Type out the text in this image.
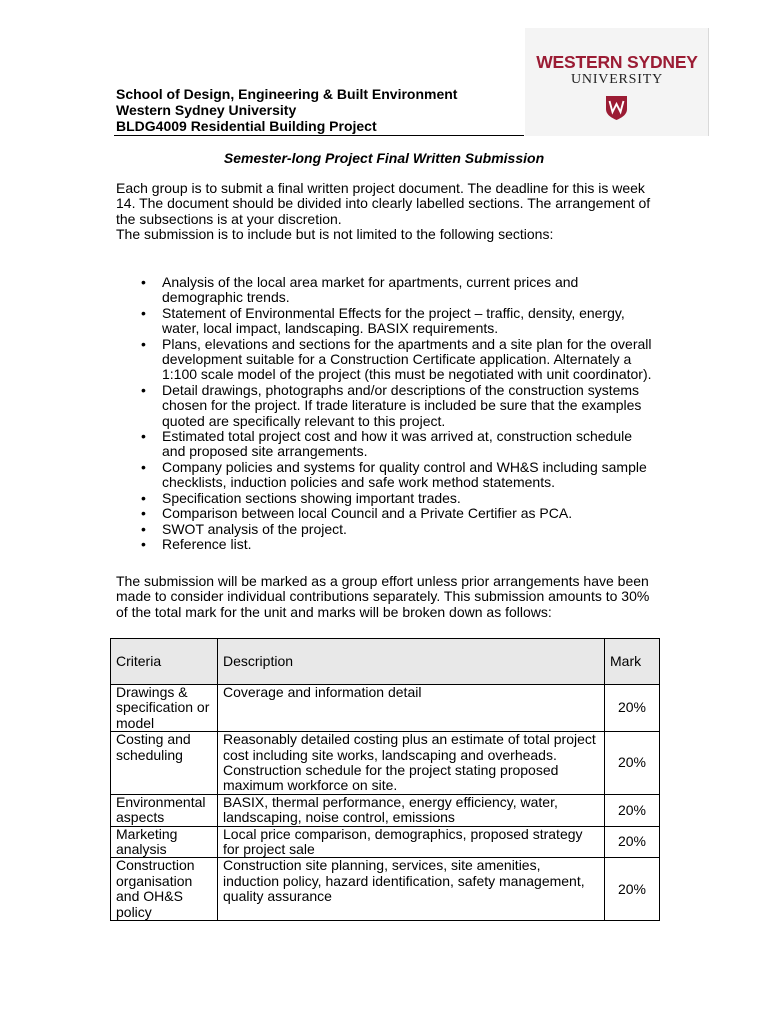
School of Design, Engineering & Built Environment
Western Sydney University
BLDG4009 Residential Building Project
WESTERN SYDNEY
UNIVERSITY
Semester-long Project Final Written Submission
Each group is to submit a final written project document. The deadline for this is week 14. The document should be divided into clearly labelled sections. The arrangement of the subsections is at your discretion.
The submission is to include but is not limited to the following sections:
• Analysis of the local area market for apartments, current prices and demographic trends.
• Statement of Environmental Effects for the project – traffic, density, energy, water, local impact, landscaping. BASIX requirements.
• Plans, elevations and sections for the apartments and a site plan for the overall development suitable for a Construction Certificate application. Alternately a 1:100 scale model of the project (this must be negotiated with unit coordinator).
• Detail drawings, photographs and/or descriptions of the construction systems chosen for the project. If trade literature is included be sure that the examples quoted are specifically relevant to this project.
• Estimated total project cost and how it was arrived at, construction schedule and proposed site arrangements.
• Company policies and systems for quality control and WH&S including sample checklists, induction policies and safe work method statements.
• Specification sections showing important trades.
• Comparison between local Council and a Private Certifier as PCA.
• SWOT analysis of the project.
• Reference list.
The submission will be marked as a group effort unless prior arrangements have been made to consider individual contributions separately. This submission amounts to 30% of the total mark for the unit and marks will be broken down as follows:
Criteria	Description	Mark
Drawings & specification or model	Coverage and information detail	20%
Costing and scheduling	Reasonably detailed costing plus an estimate of total project cost including site works, landscaping and overheads. Construction schedule for the project stating proposed maximum workforce on site.	20%
Environmental aspects	BASIX, thermal performance, energy efficiency, water, landscaping, noise control, emissions	20%
Marketing analysis	Local price comparison, demographics, proposed strategy for project sale	20%
Construction organisation and OH&S policy	Construction site planning, services, site amenities, induction policy, hazard identification, safety management, quality assurance	20%
